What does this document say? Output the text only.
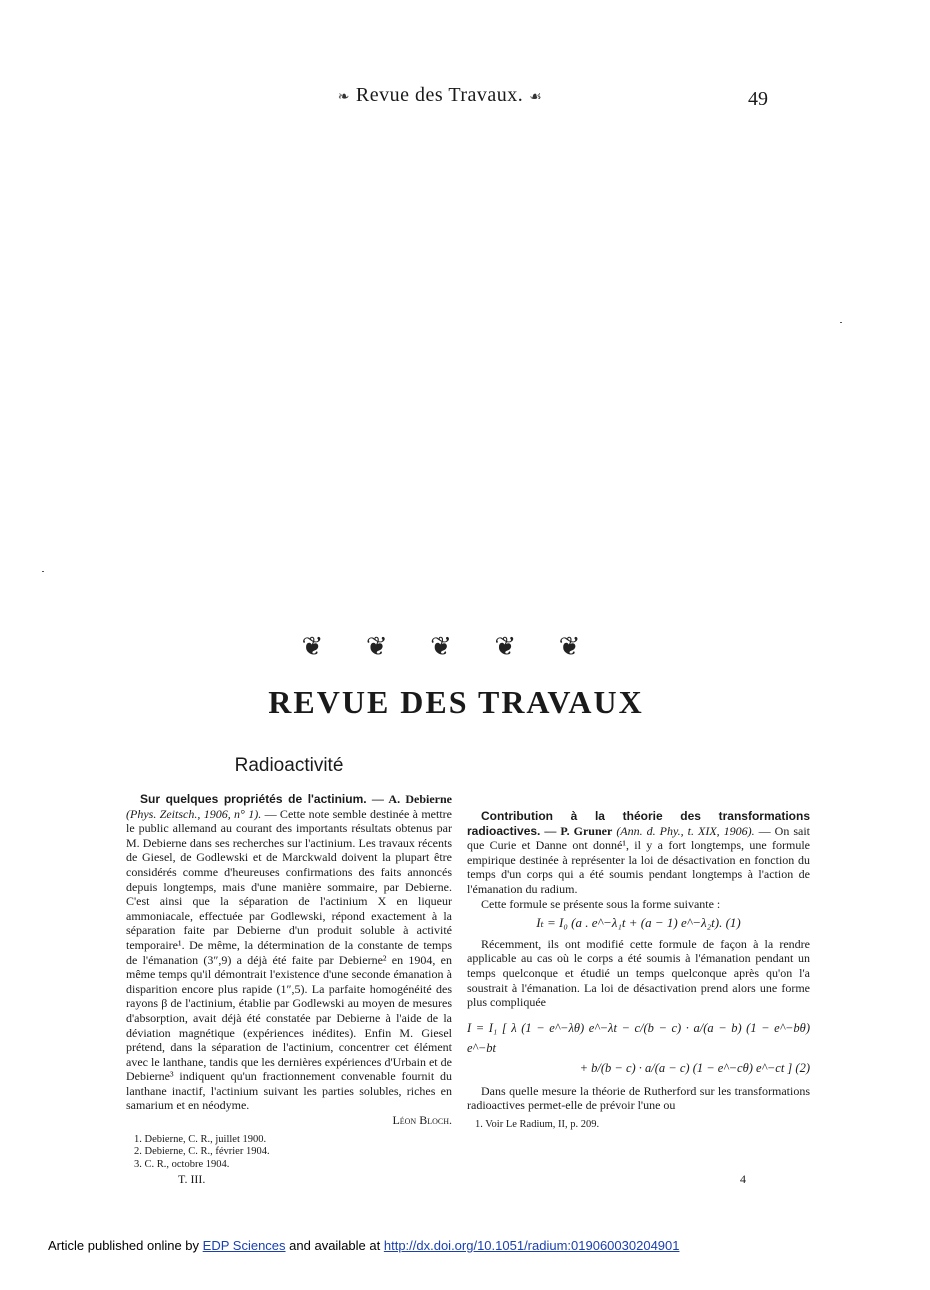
❧ Revue des Travaux. ☙	49
❦ ❦ ❦ ❦ ❦
REVUE DES TRAVAUX
Radioactivité

Sur quelques propriétés de l'actinium. — A. Debierne (Phys. Zeitsch., 1906, n° 1). — Cette note semble destinée à mettre le public allemand au courant des importants résultats obtenus par M. Debierne dans ses recherches sur l'actinium. Les travaux récents de Giesel, de Godlewski et de Marckwald doivent la plupart être considérés comme d'heureuses confirmations des faits annoncés depuis longtemps, mais d'une manière sommaire, par Debierne. C'est ainsi que la séparation de l'actinium X en liqueur ammoniacale, effectuée par Godlewski, répond exactement à la séparation faite par Debierne d'un produit soluble à activité temporaire¹. De même, la détermination de la constante de temps de l'émanation (3″,9) a déjà été faite par Debierne² en 1904, en même temps qu'il démontrait l'existence d'une seconde émanation à disparition encore plus rapide (1″,5). La parfaite homogénéité des rayons β de l'actinium, établie par Godlewski au moyen de mesures d'absorption, avait déjà été constatée par Debierne à l'aide de la déviation magnétique (expériences inédites). Enfin M. Giesel prétend, dans la séparation de l'actinium, concentrer cet élément avec le lanthane, tandis que les dernières expériences d'Urbain et de Debierne³ indiquent qu'un fractionnement convenable fournit du lanthane inactif, l'actinium suivant les parties solubles, riches en samarium et en néodyme.
Léon Bloch.

1. Debierne, C. R., juillet 1900.
2. Debierne, C. R., février 1904.
3. C. R., octobre 1904.

Contribution à la théorie des transformations radioactives. — P. Gruner (Ann. d. Phy., t. XIX, 1906). — On sait que Curie et Danne ont donné¹, il y a fort longtemps, une formule empirique destinée à représenter la loi de désactivation en fonction du temps d'un corps qui a été soumis pendant longtemps à l'action de l'émanation du radium.

Cette formule se présente sous la forme suivante :

Iₜ = I₀ (a . e^−λ₁t + (a − 1) e^−λ₂t). (1)

Récemment, ils ont modifié cette formule de façon à la rendre applicable au cas où le corps a été soumis à l'émanation pendant un temps quelconque et étudié un temps quelconque après qu'on l'a soustrait à l'émanation. La loi de désactivation prend alors une forme plus compliquée

I = I₁ [ λ (1 − e^−λθ) e^−λt − c/(b − c) · a/(a − b) (1 − e^−bθ) e^−bt
+ b/(b − c) · a/(a − c) (1 − e^−cθ) e^−ct ] (2)

Dans quelle mesure la théorie de Rutherford sur les transformations radioactives permet-elle de prévoir l'une ou

1. Voir Le Radium, II, p. 209.
T. III.	4
Article published online by EDP Sciences and available at http://dx.doi.org/10.1051/radium:019060030204901
